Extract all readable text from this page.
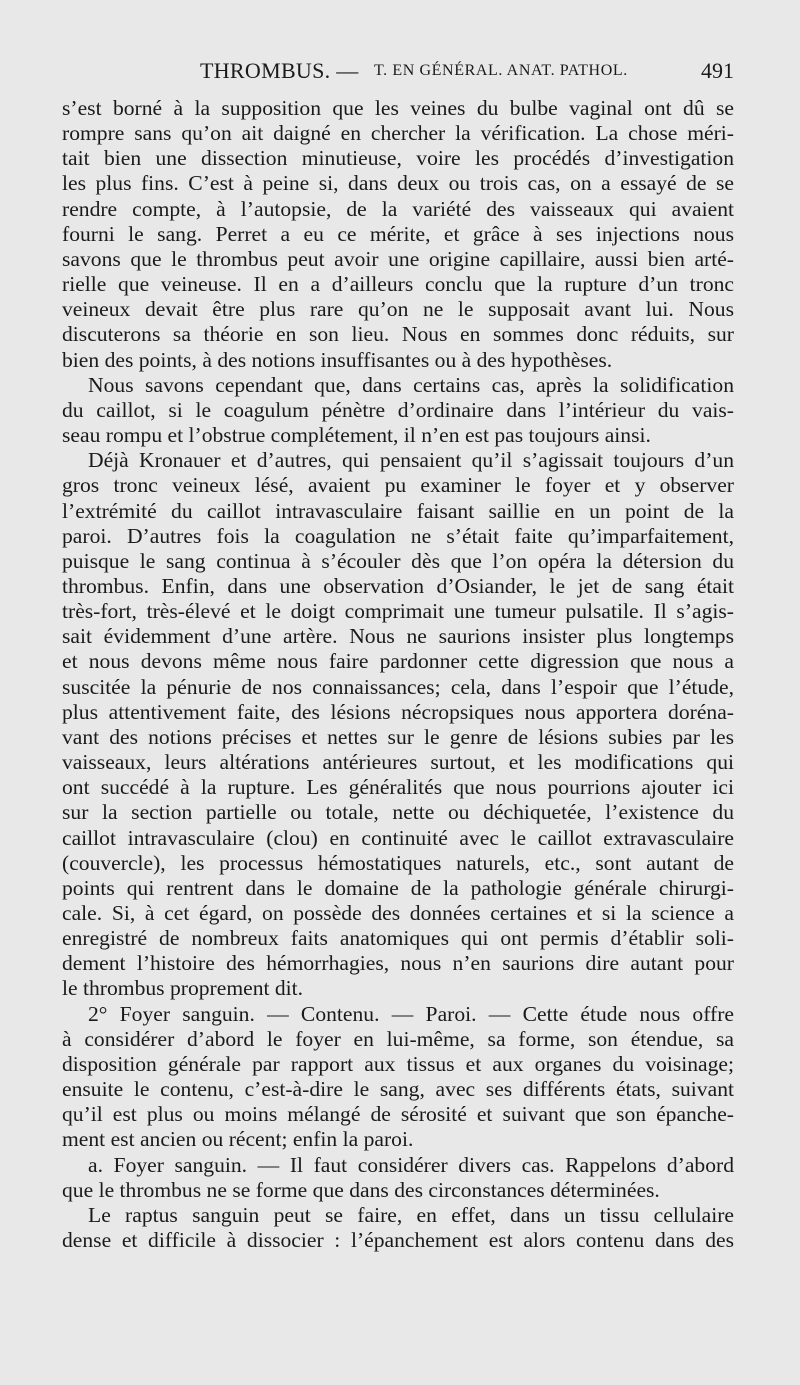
THROMBUS. — T. EN GÉNÉRAL. ANAT. PATHOL.	491

s’est borné à la supposition que les veines du bulbe vaginal ont dû se
rompre sans qu’on ait daigné en chercher la vérification. La chose méri-
tait bien une dissection minutieuse, voire les procédés d’investigation
les plus fins. C’est à peine si, dans deux ou trois cas, on a essayé de se
rendre compte, à l’autopsie, de la variété des vaisseaux qui avaient
fourni le sang. Perret a eu ce mérite, et grâce à ses injections nous
savons que le thrombus peut avoir une origine capillaire, aussi bien arté-
rielle que veineuse. Il en a d’ailleurs conclu que la rupture d’un tronc
veineux devait être plus rare qu’on ne le supposait avant lui. Nous
discuterons sa théorie en son lieu. Nous en sommes donc réduits, sur
bien des points, à des notions insuffisantes ou à des hypothèses.

Nous savons cependant que, dans certains cas, après la solidification
du caillot, si le coagulum pénètre d’ordinaire dans l’intérieur du vais-
seau rompu et l’obstrue complétement, il n’en est pas toujours ainsi.

Déjà Kronauer et d’autres, qui pensaient qu’il s’agissait toujours d’un
gros tronc veineux lésé, avaient pu examiner le foyer et y observer
l’extrémité du caillot intravasculaire faisant saillie en un point de la
paroi. D’autres fois la coagulation ne s’était faite qu’imparfaitement,
puisque le sang continua à s’écouler dès que l’on opéra la détersion du
thrombus. Enfin, dans une observation d’Osiander, le jet de sang était
très-fort, très-élevé et le doigt comprimait une tumeur pulsatile. Il s’agis-
sait évidemment d’une artère. Nous ne saurions insister plus longtemps
et nous devons même nous faire pardonner cette digression que nous a
suscitée la pénurie de nos connaissances; cela, dans l’espoir que l’étude,
plus attentivement faite, des lésions nécropsiques nous apportera doréna-
vant des notions précises et nettes sur le genre de lésions subies par les
vaisseaux, leurs altérations antérieures surtout, et les modifications qui
ont succédé à la rupture. Les généralités que nous pourrions ajouter ici
sur la section partielle ou totale, nette ou déchiquetée, l’existence du
caillot intravasculaire (clou) en continuité avec le caillot extravasculaire
(couvercle), les processus hémostatiques naturels, etc., sont autant de
points qui rentrent dans le domaine de la pathologie générale chirurgi-
cale. Si, à cet égard, on possède des données certaines et si la science a
enregistré de nombreux faits anatomiques qui ont permis d’établir soli-
dement l’histoire des hémorrhagies, nous n’en saurions dire autant pour
le thrombus proprement dit.

2° Foyer sanguin. — Contenu. — Paroi. — Cette étude nous offre
à considérer d’abord le foyer en lui-même, sa forme, son étendue, sa
disposition générale par rapport aux tissus et aux organes du voisinage;
ensuite le contenu, c’est-à-dire le sang, avec ses différents états, suivant
qu’il est plus ou moins mélangé de sérosité et suivant que son épanche-
ment est ancien ou récent; enfin la paroi.

a. Foyer sanguin. — Il faut considérer divers cas. Rappelons d’abord
que le thrombus ne se forme que dans des circonstances déterminées.

Le raptus sanguin peut se faire, en effet, dans un tissu cellulaire
dense et difficile à dissocier : l’épanchement est alors contenu dans des
